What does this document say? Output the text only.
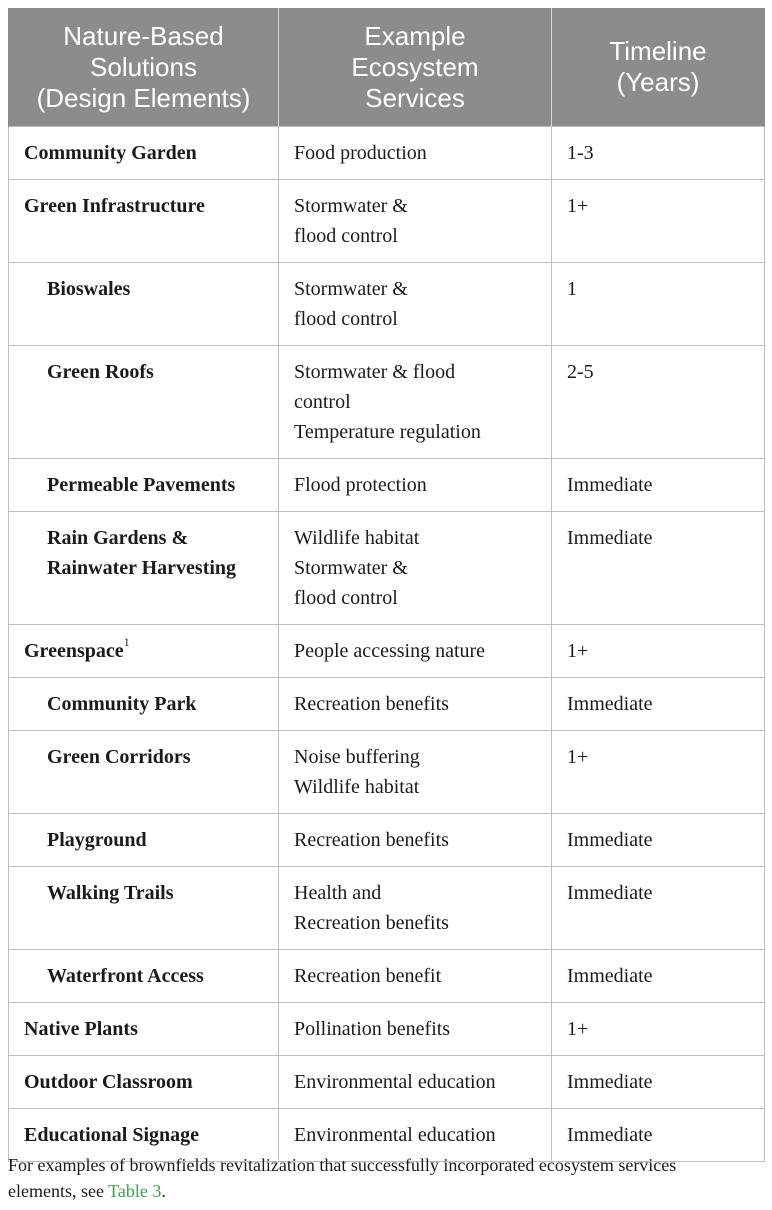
Nature-Based
Solutions
(Design Elements)	Example
Ecosystem
Services	Timeline
(Years)

Community Garden	Food production	1-3

Green Infrastructure	Stormwater &
flood control	1+

Bioswales	Stormwater &
flood control	1

Green Roofs	Stormwater & flood
control
Temperature regulation	2-5

Permeable Pavements	Flood protection	Immediate

Rain Gardens &
Rainwater Harvesting	Wildlife habitat
Stormwater &
flood control	Immediate
Greenspace$^1$	People accessing nature	1+

Community Park	Recreation benefits	Immediate

Green Corridors	Noise buffering
Wildlife habitat	1+

Playground	Recreation benefits	Immediate

Walking Trails	Health and
Recreation benefits	Immediate

Waterfront Access	Recreation benefit	Immediate

Native Plants	Pollination benefits	1+

Outdoor Classroom	Environmental education	Immediate

Educational Signage	Environmental education	Immediate
For examples of brownfields revitalization that successfully incorporated ecosystem services
elements, see Table 3.
